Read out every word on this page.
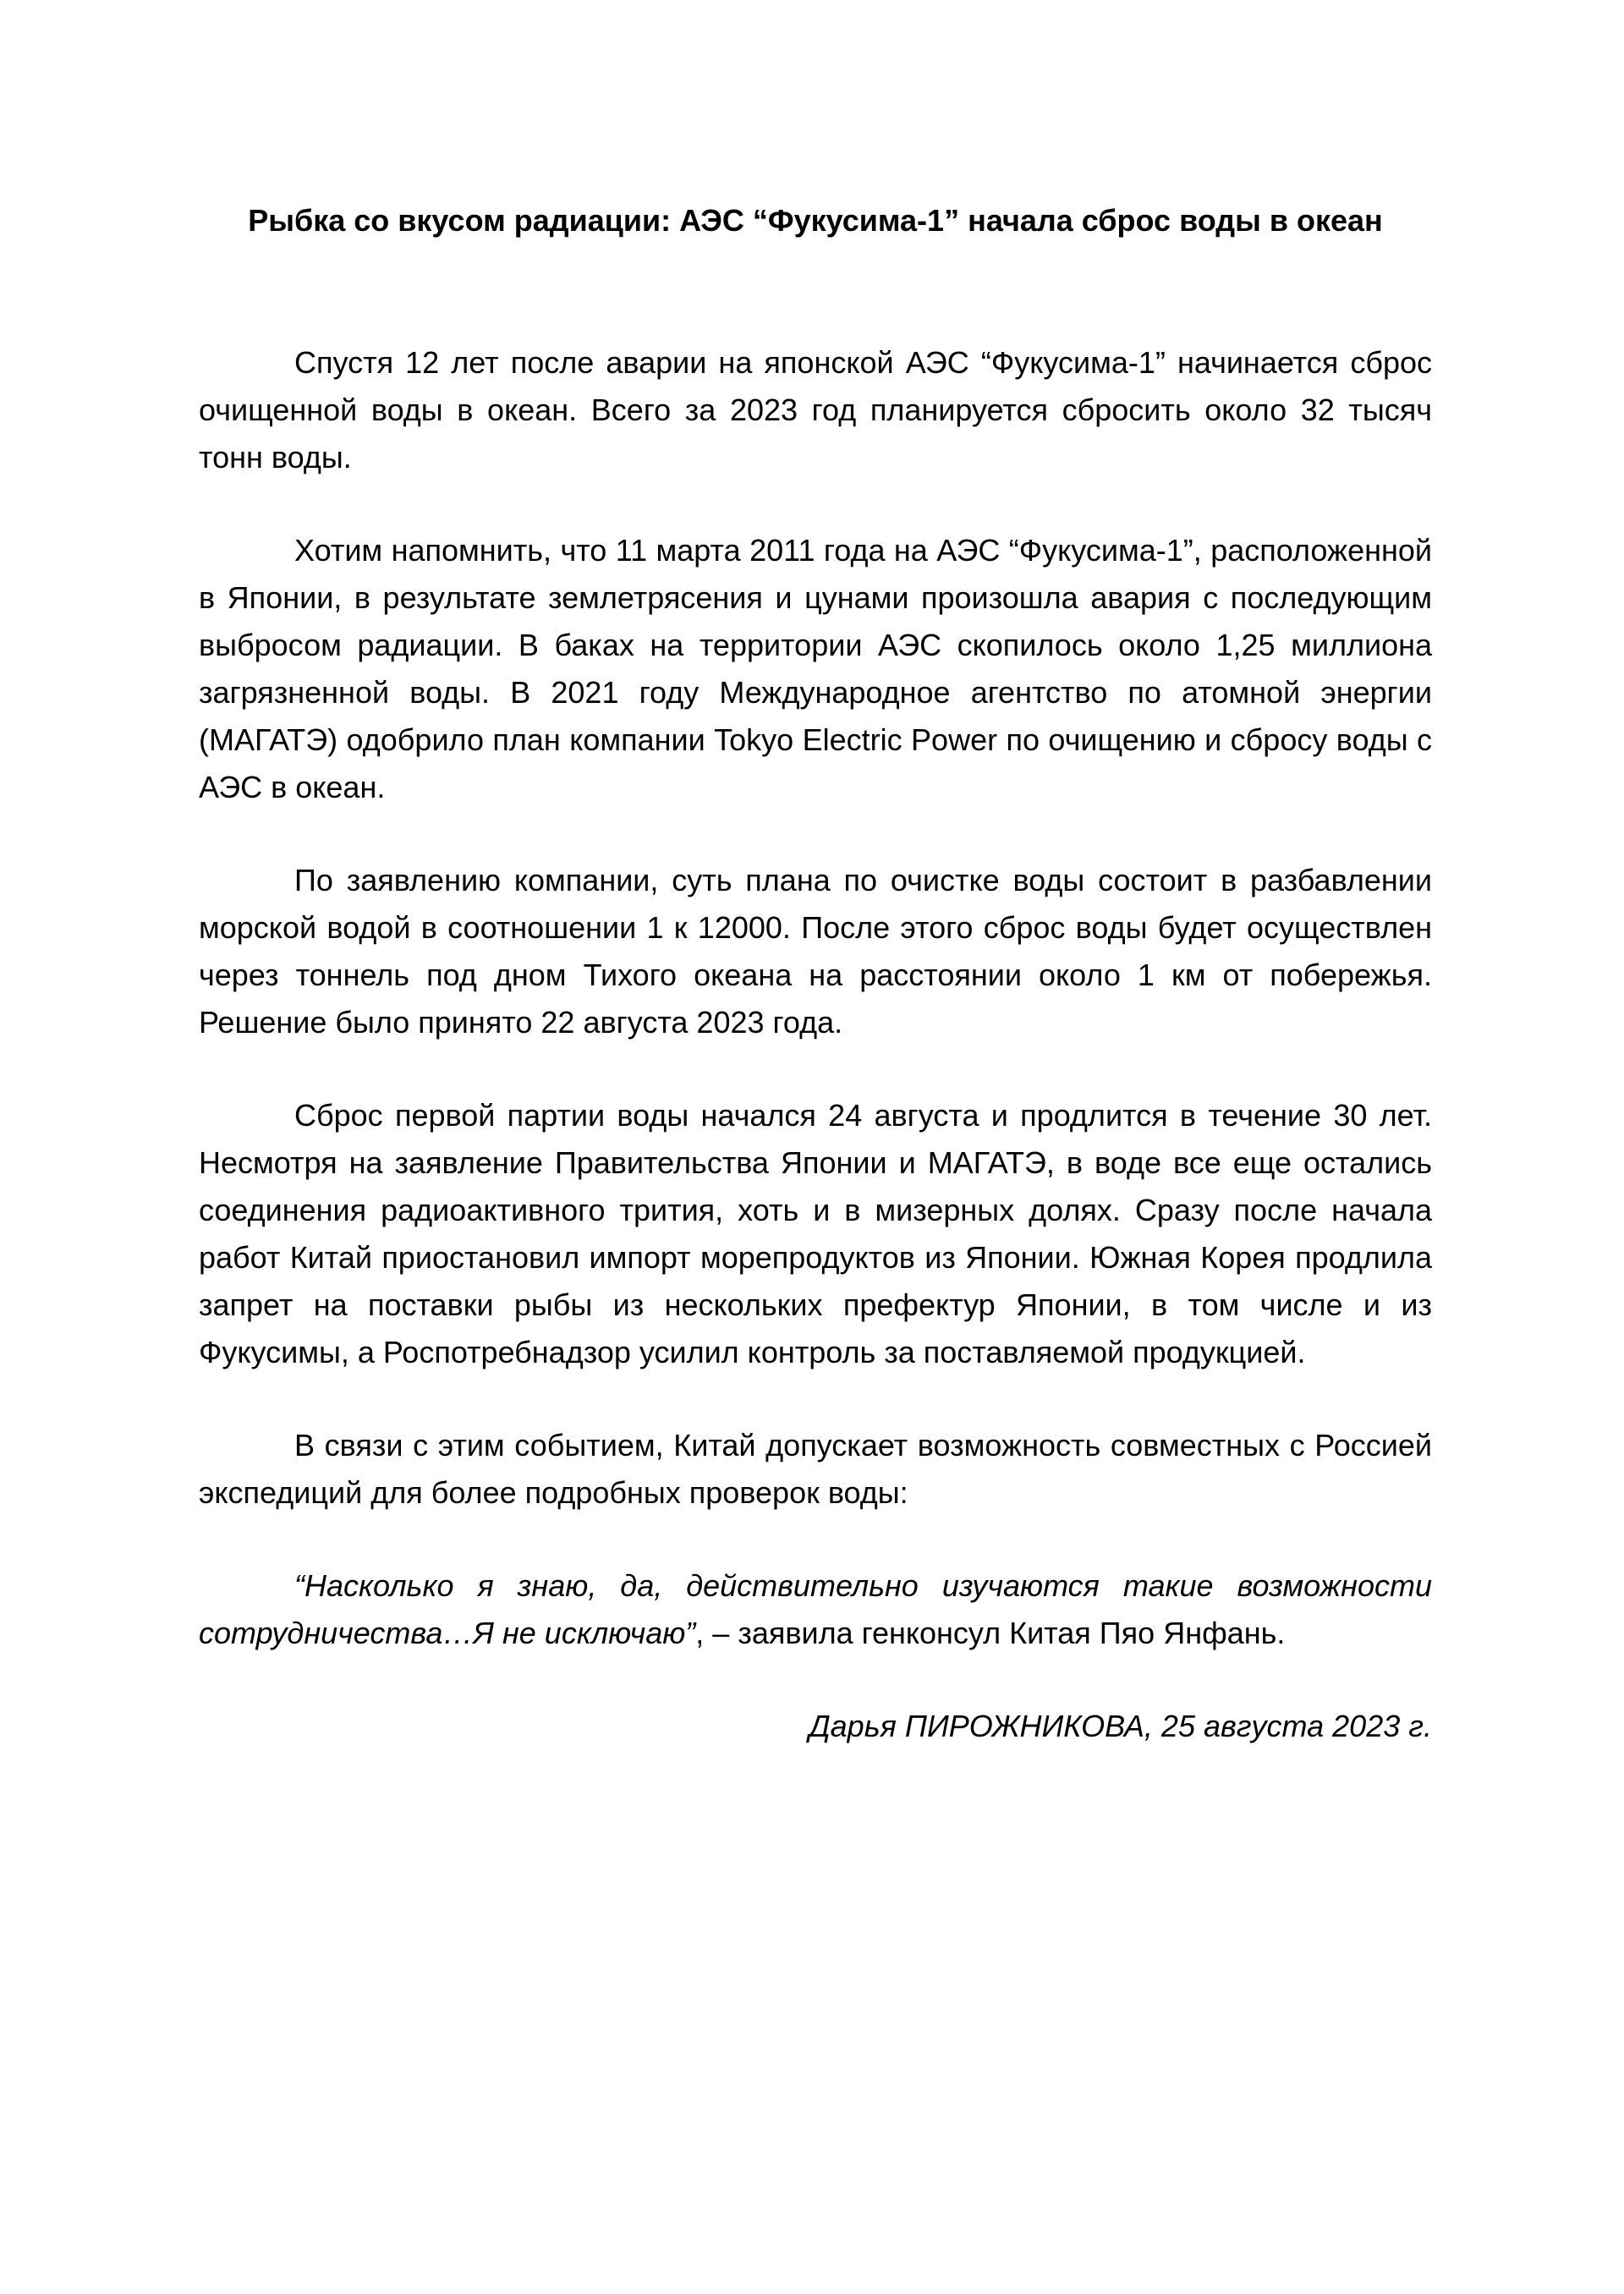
Рыбка со вкусом радиации: АЭС “Фукусима-1” начала сброс воды в океан

Спустя 12 лет после аварии на японской АЭС “Фукусима-1” начинается сброс очищенной воды в океан. Всего за 2023 год планируется сбросить около 32 тысяч тонн воды.

Хотим напомнить, что 11 марта 2011 года на АЭС “Фукусима-1”, расположенной в Японии, в результате землетрясения и цунами произошла авария с последующим выбросом радиации. В баках на территории АЭС скопилось около 1,25 миллиона загрязненной воды. В 2021 году Международное агентство по атомной энергии (МАГАТЭ) одобрило план компании Tokyo Electric Power по очищению и сбросу воды с АЭС в океан.

По заявлению компании, суть плана по очистке воды состоит в разбавлении морской водой в соотношении 1 к 12000. После этого сброс воды будет осуществлен через тоннель под дном Тихого океана на расстоянии около 1 км от побережья. Решение было принято 22 августа 2023 года.

Сброс первой партии воды начался 24 августа и продлится в течение 30 лет. Несмотря на заявление Правительства Японии и МАГАТЭ, в воде все еще остались соединения радиоактивного трития, хоть и в мизерных долях. Сразу после начала работ Китай приостановил импорт морепродуктов из Японии. Южная Корея продлила запрет на поставки рыбы из нескольких префектур Японии, в том числе и из Фукусимы, а Роспотребнадзор усилил контроль за поставляемой продукцией.

В связи с этим событием, Китай допускает возможность совместных с Россией экспедиций для более подробных проверок воды:

“Насколько я знаю, да, действительно изучаются такие возможности сотрудничества…Я не исключаю”, – заявила генконсул Китая Пяо Янфань.

Дарья ПИРОЖНИКОВА, 25 августа 2023 г.
